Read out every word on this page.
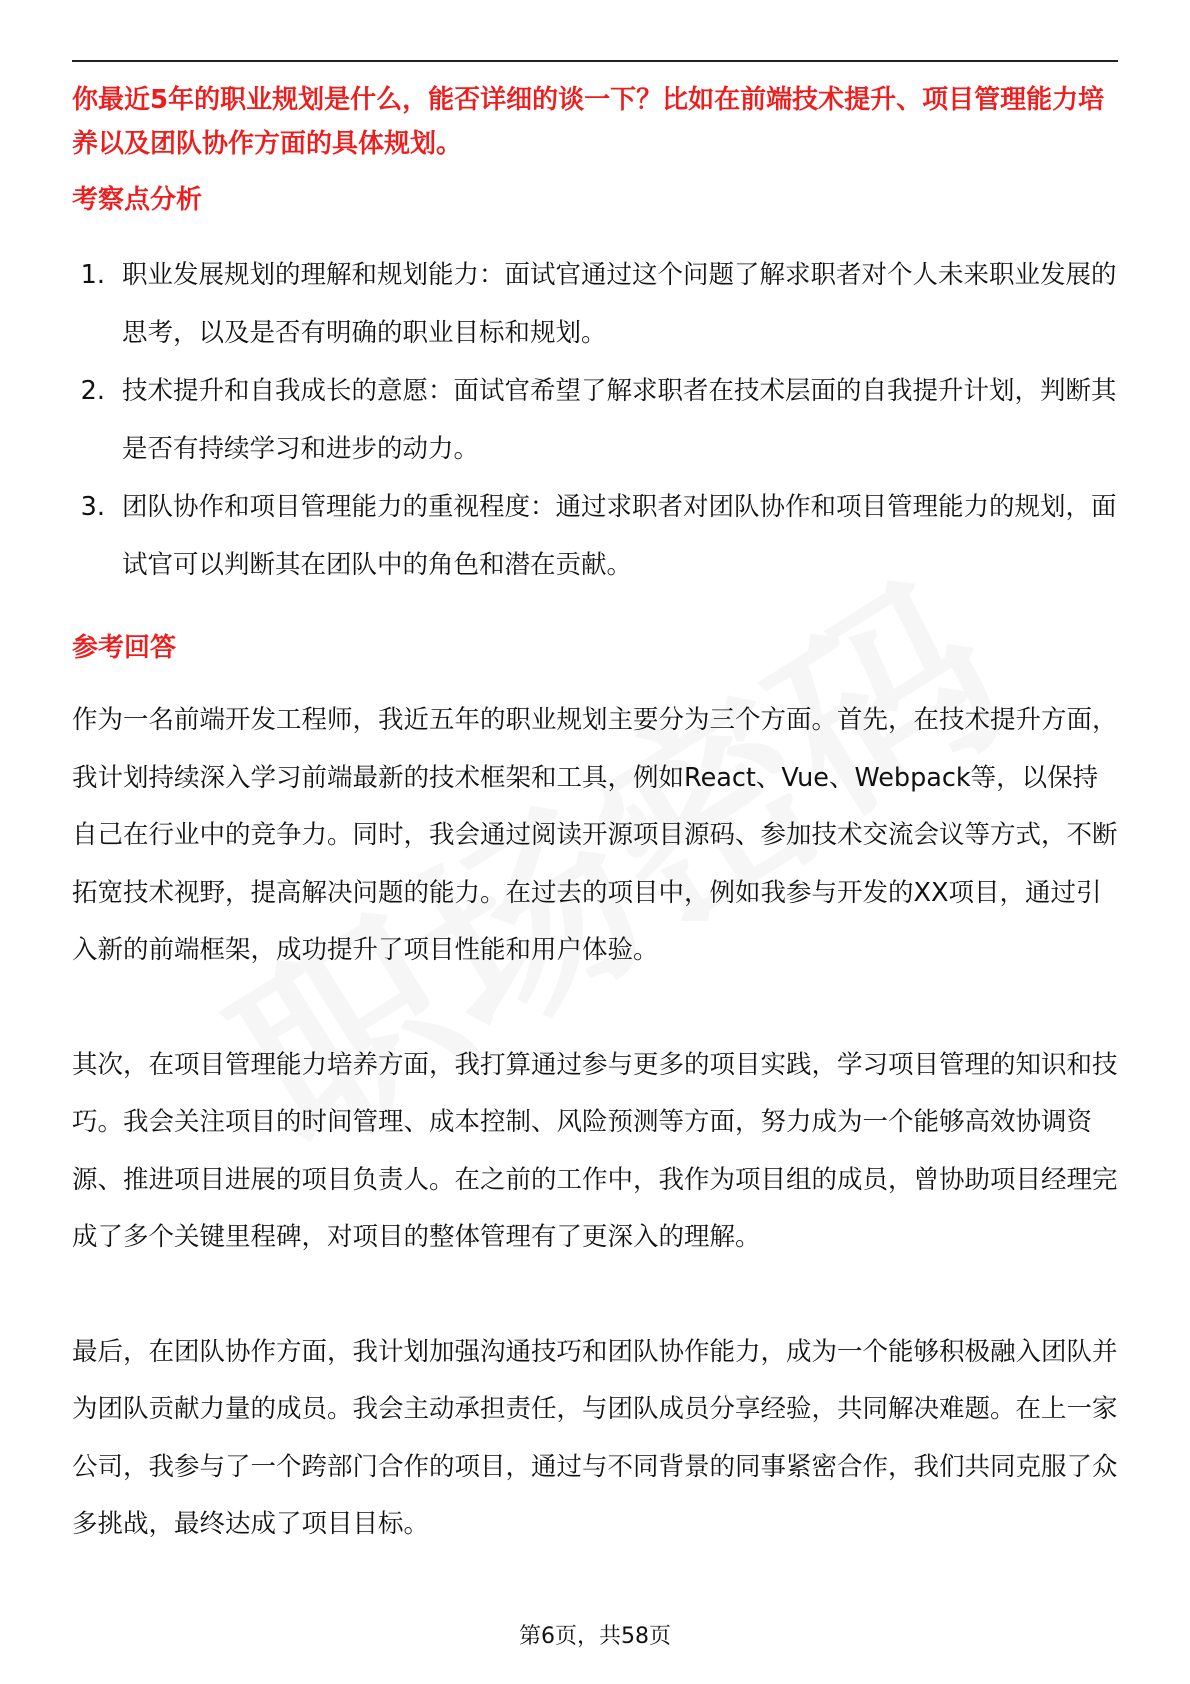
你最近5年的职业规划是什么，能否详细的谈一下？比如在前端技术提升、项目管理能力培养以及团队协作方面的具体规划。

考察点分析
1. 职业发展规划的理解和规划能力：面试官通过这个问题了解求职者对个人未来职业发展的思考，以及是否有明确的职业目标和规划。
2. 技术提升和自我成长的意愿：面试官希望了解求职者在技术层面的自我提升计划，判断其是否有持续学习和进步的动力。
3. 团队协作和项目管理能力的重视程度：通过求职者对团队协作和项目管理能力的规划，面试官可以判断其在团队中的角色和潜在贡献。
参考回答

作为一名前端开发工程师，我近五年的职业规划主要分为三个方面。首先，在技术提升方面，我计划持续深入学习前端最新的技术框架和工具，例如React、Vue、Webpack等，以保持自己在行业中的竞争力。同时，我会通过阅读开源项目源码、参加技术交流会议等方式，不断拓宽技术视野，提高解决问题的能力。在过去的项目中，例如我参与开发的XX项目，通过引入新的前端框架，成功提升了项目性能和用户体验。

其次，在项目管理能力培养方面，我打算通过参与更多的项目实践，学习项目管理的知识和技巧。我会关注项目的时间管理、成本控制、风险预测等方面，努力成为一个能够高效协调资源、推进项目进展的项目负责人。在之前的工作中，我作为项目组的成员，曾协助项目经理完成了多个关键里程碑，对项目的整体管理有了更深入的理解。

最后，在团队协作方面，我计划加强沟通技巧和团队协作能力，成为一个能够积极融入团队并为团队贡献力量的成员。我会主动承担责任，与团队成员分享经验，共同解决难题。在上一家公司，我参与了一个跨部门合作的项目，通过与不同背景的同事紧密合作，我们共同克服了众多挑战，最终达成了项目目标。

第6页，共58页
